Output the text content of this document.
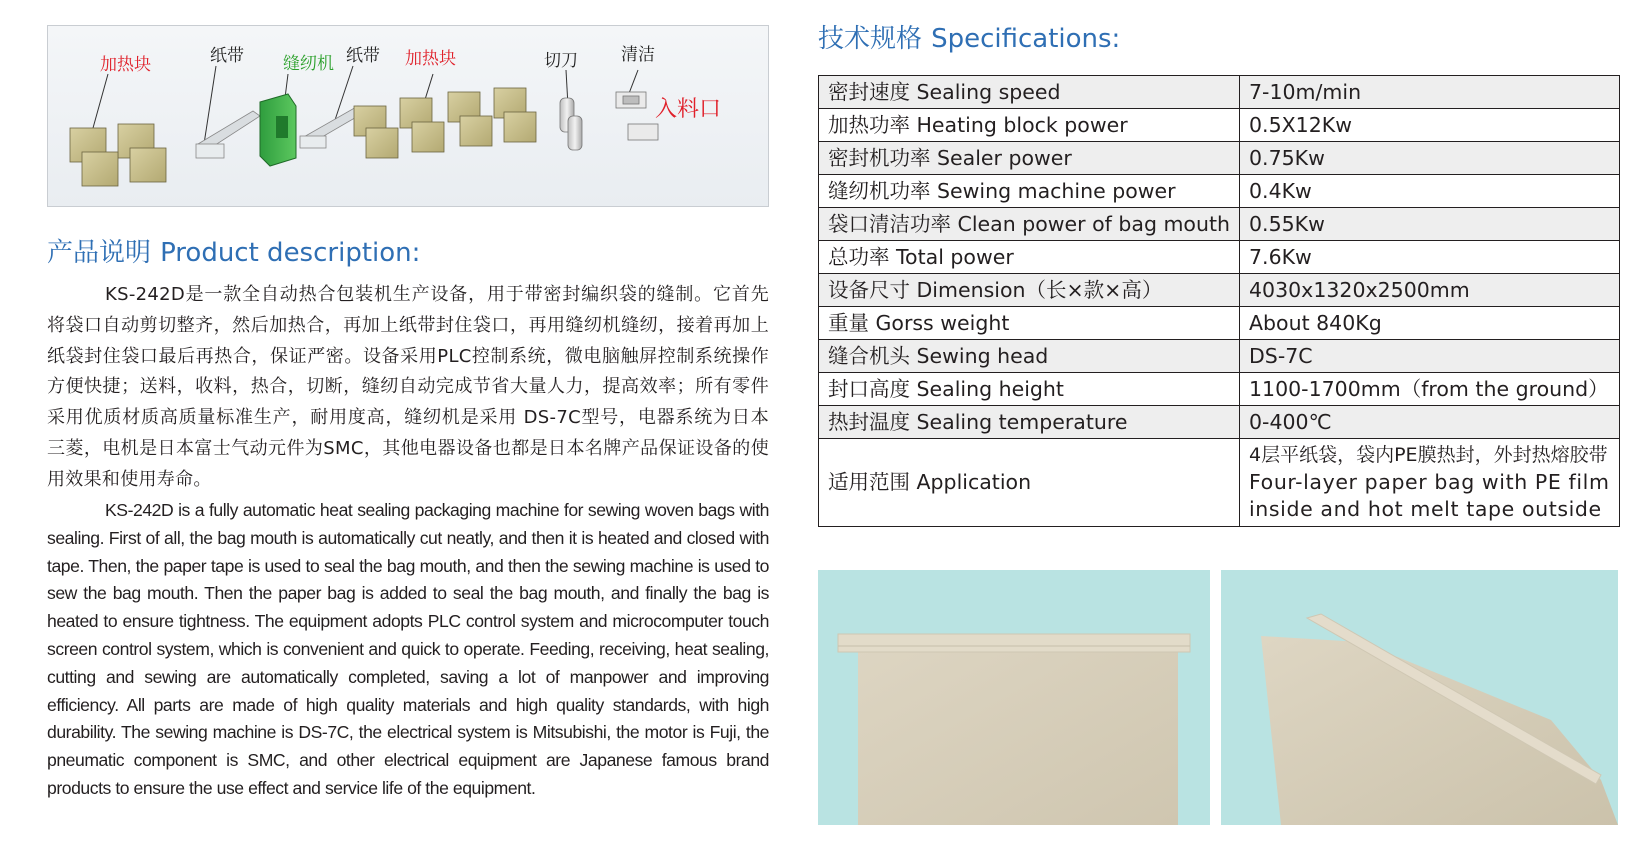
加热块	纸带 缝纫机 纸带 加热块	切刀	清洁
入料口
产品说明 Product description:
KS-242D是一款全自动热合包装机生产设备，用于带密封编织袋的缝制。它首先将袋口自动剪切整齐，然后加热合，再加上纸带封住袋口，再用缝纫机缝纫，接着再加上纸袋封住袋口最后再热合，保证严密。设备采用PLC控制系统，微电脑触屏控制系统操作方便快捷；送料，收料，热合，切断，缝纫自动完成节省大量人力，提高效率；所有零件采用优质材质高质量标准生产，耐用度高，缝纫机是采用 DS-7C型号，电器系统为日本三菱，电机是日本富士气动元件为SMC，其他电器设备也都是日本名牌产品保证设备的使用效果和使用寿命。
KS-242D is a fully automatic heat sealing packaging machine for sewing woven bags with sealing. First of all, the bag mouth is automatically cut neatly, and then it is heated and closed with tape. Then, the paper tape is used to seal the bag mouth, and then the sewing machine is used to sew the bag mouth. Then the paper bag is added to seal the bag mouth, and finally the bag is heated to ensure tightness. The equipment adopts PLC control system and microcomputer touch screen control system, which is convenient and quick to operate. Feeding, receiving, heat sealing, cutting and sewing are automatically completed, saving a lot of manpower and improving efficiency. All parts are made of high quality materials and high quality standards, with high durability. The sewing machine is DS-7C, the electrical system is Mitsubishi, the motor is Fuji, the pneumatic component is SMC, and other electrical equipment are Japanese famous brand products to ensure the use effect and service life of the equipment.
技术规格 Specifications:
密封速度 Sealing speed	7-10m/min
加热功率 Heating block power	0.5X12Kw
密封机功率 Sealer power	0.75Kw
缝纫机功率 Sewing machine power	0.4Kw
袋口清洁功率 Clean power of bag mouth	0.55Kw
总功率 Total power	7.6Kw
设备尺寸 Dimension（长×款×高）	4030x1320x2500mm
重量 Gorss weight	About 840Kg
缝合机头 Sewing head	DS-7C
封口高度 Sealing height	1100-1700mm（from the ground）
热封温度 Sealing temperature	0-400℃
适用范围 Application	4层平纸袋，袋内PE膜热封，外封热熔胶带
Four-layer paper bag with PE film
inside and hot melt tape outside
